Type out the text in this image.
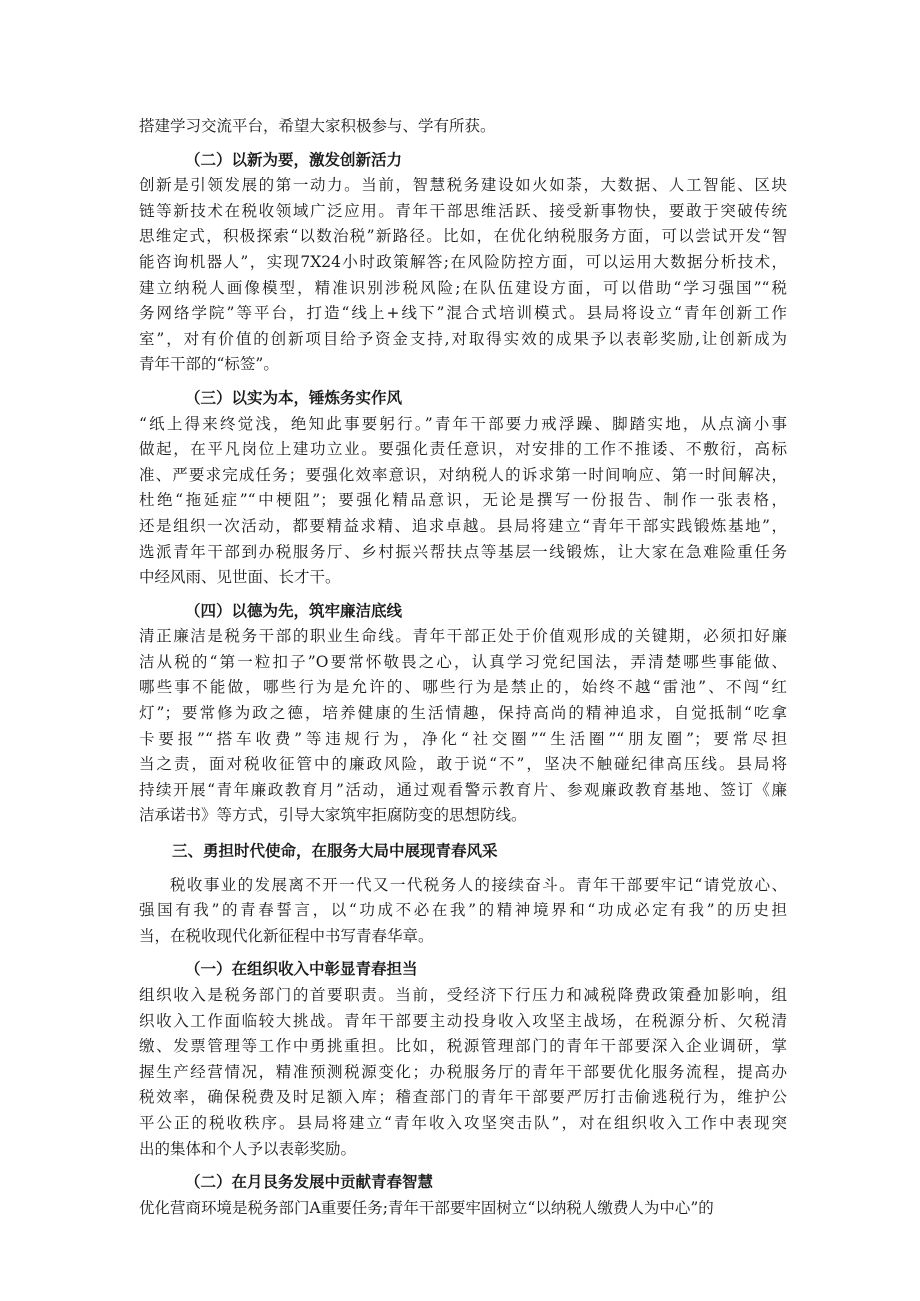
搭建学习交流平台，希望大家积极参与、学有所获。
（二）以新为要，激发创新活力
创新是引领发展的第一动力。当前，智慧税务建设如火如荼，大数据、人工智能、区块
链等新技术在税收领域广泛应用。青年干部思维活跃、接受新事物快，要敢于突破传统
思维定式，积极探索“以数治税”新路径。比如，在优化纳税服务方面，可以尝试开发“智
能咨询机器人”，实现7X24小时政策解答;在风险防控方面，可以运用大数据分析技术，
建立纳税人画像模型，精准识别涉税风险;在队伍建设方面，可以借助“学习强国”“税
务网络学院”等平台，打造“线上+线下”混合式培训模式。县局将设立“青年创新工作
室”，对有价值的创新项目给予资金支持,对取得实效的成果予以表彰奖励,让创新成为
青年干部的“标签”。
（三）以实为本，锤炼务实作风
“纸上得来终觉浅，绝知此事要躬行。”青年干部要力戒浮躁、脚踏实地，从点滴小事
做起，在平凡岗位上建功立业。要强化责任意识，对安排的工作不推诿、不敷衍，高标
准、严要求完成任务；要强化效率意识，对纳税人的诉求第一时间响应、第一时间解决，
杜绝“拖延症”“中梗阻”；要强化精品意识，无论是撰写一份报告、制作一张表格，
还是组织一次活动，都要精益求精、追求卓越。县局将建立“青年干部实践锻炼基地”，
选派青年干部到办税服务厅、乡村振兴帮扶点等基层一线锻炼，让大家在急难险重任务
中经风雨、见世面、长才干。
（四）以德为先，筑牢廉洁底线
清正廉洁是税务干部的职业生命线。青年干部正处于价值观形成的关键期，必须扣好廉
洁从税的“第一粒扣子”O要常怀敬畏之心，认真学习党纪国法，弄清楚哪些事能做、
哪些事不能做，哪些行为是允许的、哪些行为是禁止的，始终不越“雷池”、不闯“红
灯”；要常修为政之德，培养健康的生活情趣，保持高尚的精神追求，自觉抵制“吃拿
卡要报”“搭车收费”等违规行为，净化“社交圈”“生活圈”“朋友圈”；要常尽担
当之责，面对税收征管中的廉政风险，敢于说“不”，坚决不触碰纪律高压线。县局将
持续开展“青年廉政教育月”活动，通过观看警示教育片、参观廉政教育基地、签订《廉
洁承诺书》等方式，引导大家筑牢拒腐防变的思想防线。
三、勇担时代使命，在服务大局中展现青春风采
税收事业的发展离不开一代又一代税务人的接续奋斗。青年干部要牢记“请党放心、
强国有我”的青春誓言，以“功成不必在我”的精神境界和“功成必定有我”的历史担
当，在税收现代化新征程中书写青春华章。
（一）在组织收入中彰显青春担当
组织收入是税务部门的首要职责。当前，受经济下行压力和减税降费政策叠加影响，组
织收入工作面临较大挑战。青年干部要主动投身收入攻坚主战场，在税源分析、欠税清
缴、发票管理等工作中勇挑重担。比如，税源管理部门的青年干部要深入企业调研，掌
握生产经营情况，精准预测税源变化；办税服务厅的青年干部要优化服务流程，提高办
税效率，确保税费及时足额入库；稽查部门的青年干部要严厉打击偷逃税行为，维护公
平公正的税收秩序。县局将建立“青年收入攻坚突击队”，对在组织收入工作中表现突
出的集体和个人予以表彰奖励。
（二）在月艮务发展中贡献青春智慧
优化营商环境是税务部门A重要任务;青年干部要牢固树立“以纳税人缴费人为中心”的
